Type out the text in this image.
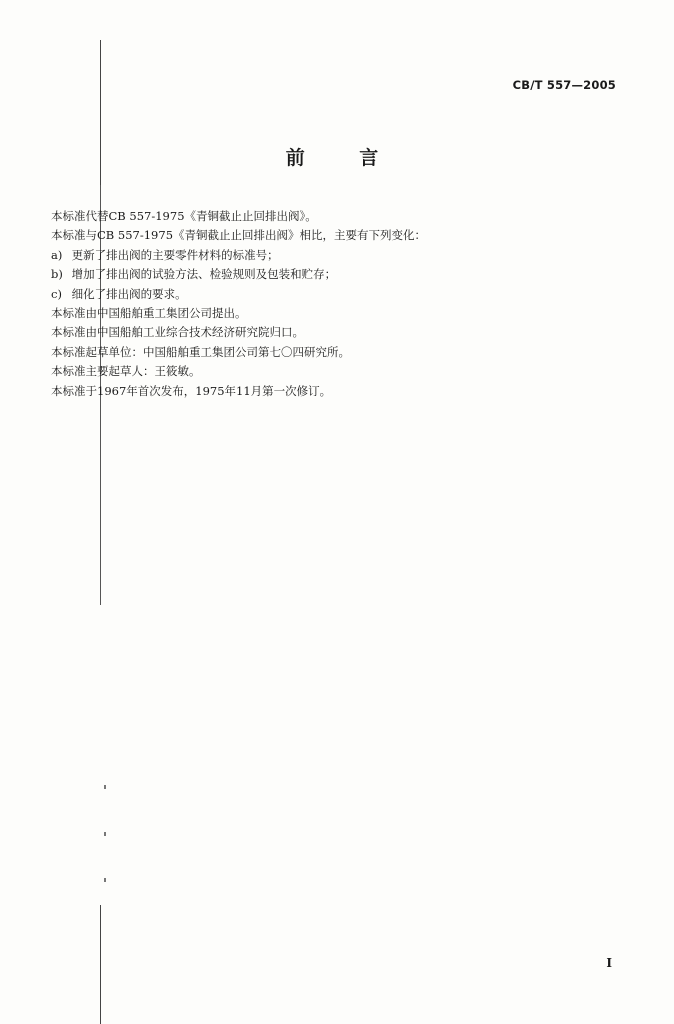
CB/T 557—2005
前 言
本标准代替CB 557-1975《青铜截止止回排出阀》。
本标准与CB 557-1975《青铜截止止回排出阀》相比，主要有下列变化：
a) 更新了排出阀的主要零件材料的标准号；
b) 增加了排出阀的试验方法、检验规则及包装和贮存；
c) 细化了排出阀的要求。
本标准由中国船舶重工集团公司提出。
本标准由中国船舶工业综合技术经济研究院归口。
本标准起草单位：中国船舶重工集团公司第七〇四研究所。
本标准主要起草人：王筱敏。
本标准于1967年首次发布，1975年11月第一次修订。
I
